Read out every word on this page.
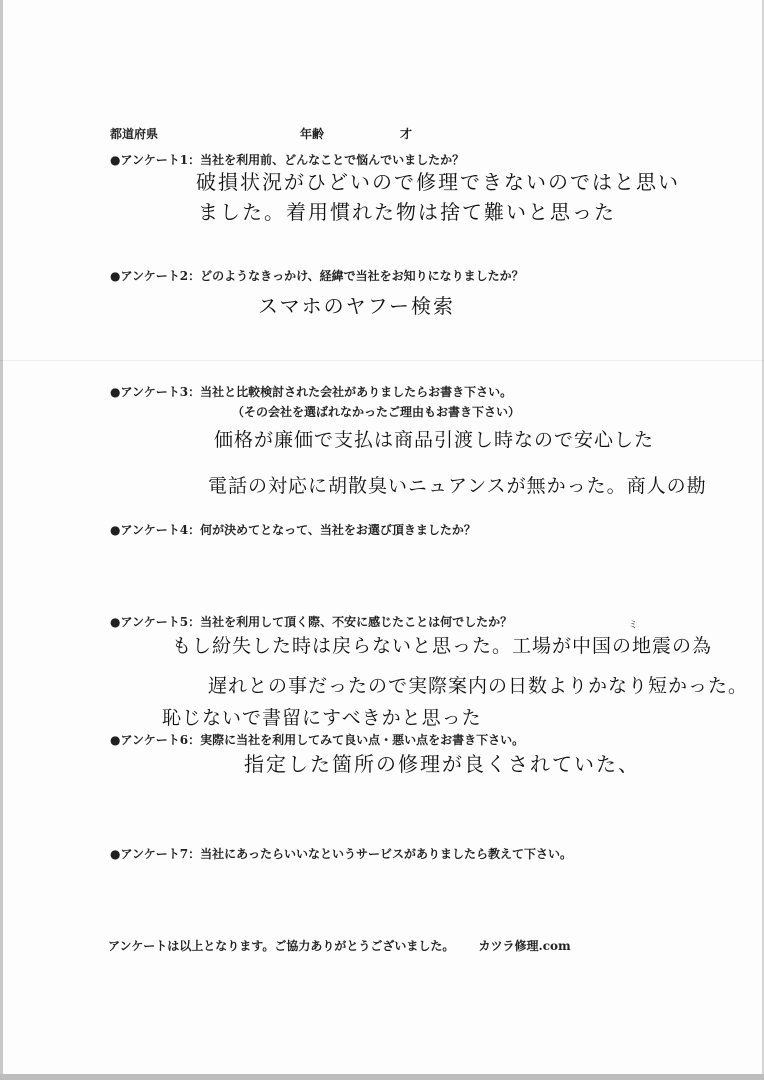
都道府県	年齢	才
●アンケート1：当社を利用前、どんなことで悩んでいましたか？
破損状況がひどいので修理できないのではと思い
ました。着用慣れた物は捨て難いと思った
●アンケート2：どのようなきっかけ、経緯で当社をお知りになりましたか？
スマホのヤフー検索
●アンケート3：当社と比較検討された会社がありましたらお書き下さい。
（その会社を選ばれなかったご理由もお書き下さい）
価格が廉価で支払は商品引渡し時なので安心した
電話の対応に胡散臭いニュアンスが無かった。商人の勘
●アンケート4：何が決めてとなって、当社をお選び頂きましたか？
●アンケート5：当社を利用して頂く際、不安に感じたことは何でしたか？	ミ
もし紛失した時は戻らないと思った。工場が中国の地震の為
遅れとの事だったので実際案内の日数よりかなり短かった。
恥じないで書留にすべきかと思った
●アンケート6：実際に当社を利用してみて良い点・悪い点をお書き下さい。
指定した箇所の修理が良くされていた、
●アンケート7：当社にあったらいいなというサービスがありましたら教えて下さい。
アンケートは以上となります。ご協力ありがとうございました。 カツラ修理.com
